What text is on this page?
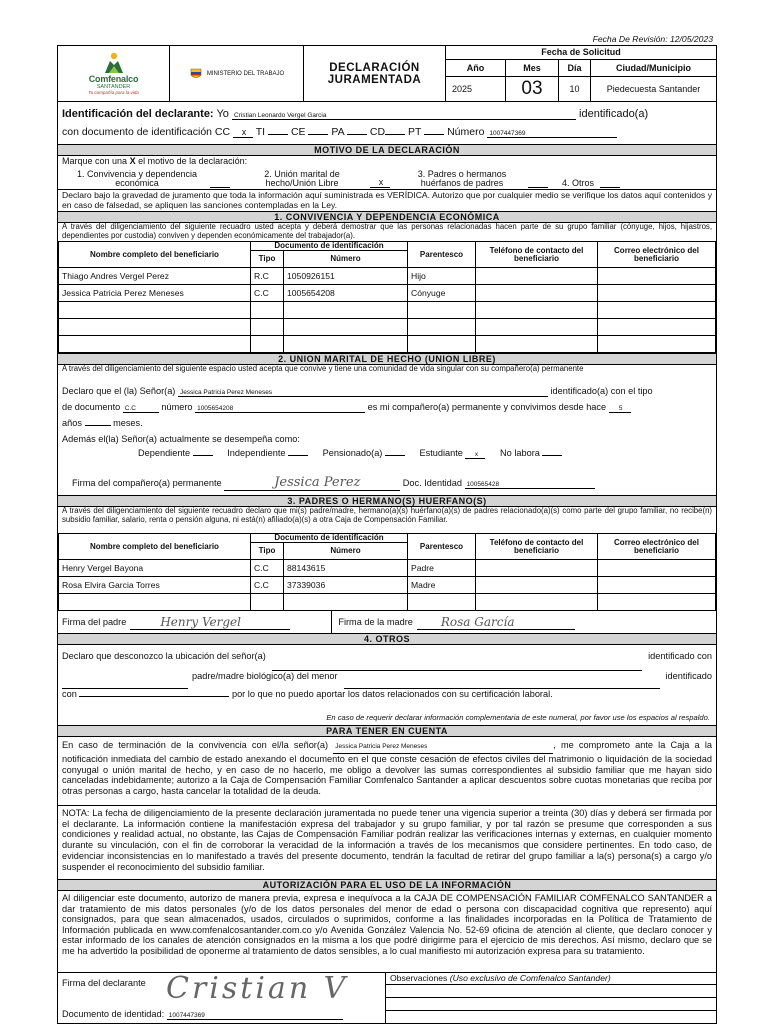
Fecha De Revisión: 12/05/2023
Comfenalco
SANTANDER
Tu compañía para la vida
MINISTERIO DEL TRABAJO	DECLARACIÓN
JURAMENTADA
Fecha de Solicitud
Año	Mes	Día	Ciudad/Municipio
2025	03	10	Piedecuesta Santander
Identificación del declarante: Yo Cristian Leonardo Vergel Garcia	identificado(a)
con documento de identificación CC x TI CE PA CD PT Número 1007447369
MOTIVO DE LA DECLARACIÓN
Marque con una X el motivo de la declaración:
1. Convivencia y dependencia económica
2. Unión marital de hecho/Unión Libre	x
3. Padres o hermanos huérfanos de padres	4. Otros
Declaro bajo la gravedad de juramento que toda la información aquí suministrada es VERÍDICA. Autorizo que por cualquier medio se verifique los datos aquí contenidos y en caso de falsedad, se apliquen las sanciones contempladas en la Ley.
1. CONVIVENCIA Y DEPENDENCIA ECONÓMICA
A través del diligenciamiento del siguiente recuadro usted acepta y deberá demostrar que las personas relacionadas hacen parte de su grupo familiar (cónyuge, hijos, hijastros, dependientes por custodia) conviven y dependen económicamente del trabajador(a).
Nombre completo del beneficiario	Documento de identificación		Parentesco	Teléfono de contacto del beneficiario	Correo electrónico del beneficiario
	Tipo	Número			
Thiago Andres Vergel Perez	R.C	1050926151	Hijo		
Jessica Patricia Perez Meneses	C.C	1005654208	Cónyuge		

2. UNION MARITAL DE HECHO (UNION LIBRE)
A través del diligenciamiento del siguiente espacio usted acepta que convive y tiene una comunidad de vida singular con su compañero(a) permanente
Declaro que el (la) Señor(a) Jessica Patricia Perez Meneses	identificado(a) con el tipo
de documento C.C	número 1005654208	es mi compañero(a) permanente y convivimos desde hace 5
años	meses.
Además el(la) Señor(a) actualmente se desempeña como:
Dependiente	Independiente	Pensionado(a)	Estudiante x No labora
Firma del compañero(a) permanente	Jessica Perez	Doc. Identidad 100565428
3. PADRES O HERMANO(S) HUERFANO(S)
A través del diligenciamiento del siguiente recuadro declaro que mi(s) padre/madre, hermano(a)(s) huérfano(a)(s) de padres relacionado(a)(s) como parte del grupo familiar, no recibe(n) subsidio familiar, salario, renta o pensión alguna, ni está(n) afiliado(a)(s) a otra Caja de Compensación Familiar.
Nombre completo del beneficiario	Documento de identificación		Parentesco	Teléfono de contacto del beneficiario	Correo electrónico del beneficiario
	Tipo	Número			
Henry Vergel Bayona	C.C	88143615	Padre		
Rosa Elvira Garcia Torres	C.C	37339036	Madre		

Firma del padre	Henry Vergel	Firma de la madre	Rosa García
4. OTROS
Declaro que desconozco la ubicación del señor(a)	identificado con
padre/madre biológico(a) del menor	identificado
con	por lo que no puedo aportar los datos relacionados con su certificación laboral.
En caso de requerir declarar información complementaria de este numeral, por favor use los espacios al respaldo.
PARA TENER EN CUENTA
En caso de terminación de la convivencia con el/la señor(a) Jessica Patricia Perez Meneses	, me comprometo ante la Caja a la notificación inmediata del cambio de estado anexando el documento en el que conste cesación de efectos civiles del matrimonio o liquidación de la sociedad conyugal o unión marital de hecho, y en caso de no hacerlo, me obligo a devolver las sumas correspondientes al subsidio familiar que me hayan sido canceladas indebidamente; autorizo a la Caja de Compensación Familiar Comfenalco Santander a aplicar descuentos sobre cuotas monetarias que reciba por otras personas a cargo, hasta cancelar la totalidad de la deuda.
NOTA: La fecha de diligenciamiento de la presente declaración juramentada no puede tener una vigencia superior a treinta (30) días y deberá ser firmada por el declarante. La información contiene la manifestación expresa del trabajador y su grupo familiar, y por tal razón se presume que corresponden a sus condiciones y realidad actual, no obstante, las Cajas de Compensación Familiar podrán realizar las verificaciones internas y externas, en cualquier momento durante su vinculación, con el fin de corroborar la veracidad de la información a través de los mecanismos que considere pertinentes. En todo caso, de evidenciar inconsistencias en lo manifestado a través del presente documento, tendrán la facultad de retirar del grupo familiar a la(s) persona(s) a cargo y/o suspender el reconocimiento del subsidio familiar.
AUTORIZACIÓN PARA EL USO DE LA INFORMACIÓN
Al diligenciar este documento, autorizo de manera previa, expresa e inequívoca a la CAJA DE COMPENSACIÓN FAMILIAR COMFENALCO SANTANDER a dar tratamiento de mis datos personales (y/o de los datos personales del menor de edad o persona con discapacidad cognitiva que represento) aquí consignados, para que sean almacenados, usados, circulados o suprimidos, conforme a las finalidades incorporadas en la Política de Tratamiento de Información publicada en www.comfenalcosantander.com.co y/o Avenida González Valencia No. 52-69 oficina de atención al cliente, que declaro conocer y estar informado de los canales de atención consignados en la misma a los que podré dirigirme para el ejercicio de mis derechos. Así mismo, declaro que se me ha advertido la posibilidad de oponerme al tratamiento de datos sensibles, a lo cual manifiesto mi autorización expresa para su tratamiento.
Firma del declarante Cristian V
Documento de identidad: 1007447369
Observaciones (Uso exclusivo de Comfenalco Santander)
